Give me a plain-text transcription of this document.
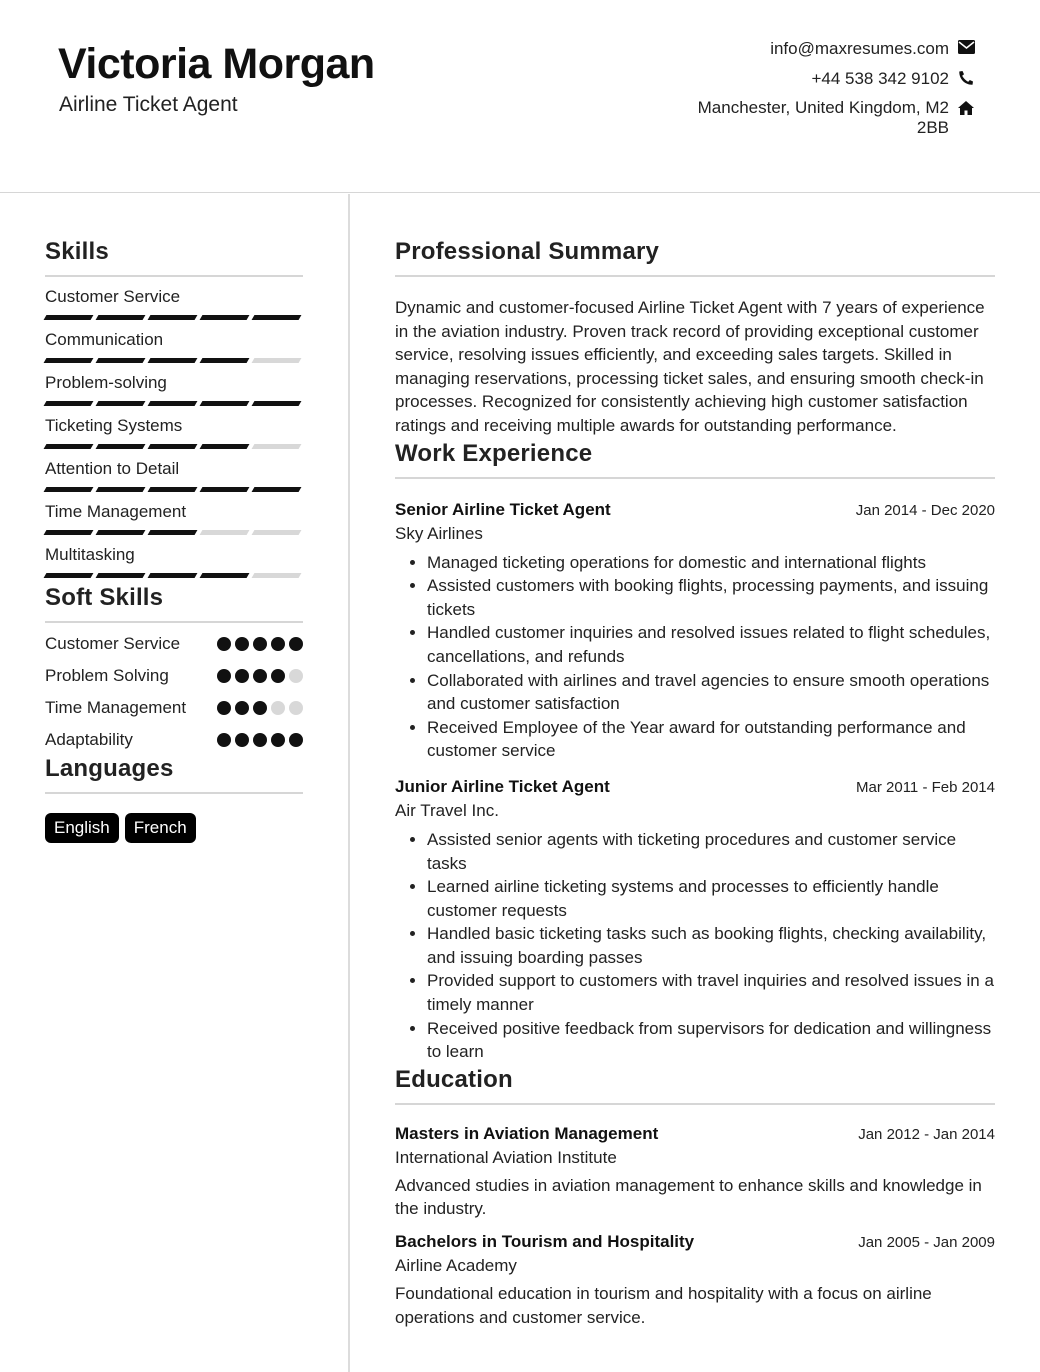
Victoria Morgan
Airline Ticket Agent
info@maxresumes.com
+44 538 342 9102
Manchester, United Kingdom, M2 2BB
Skills
Customer Service
Communication
Problem-solving
Ticketing Systems
Attention to Detail
Time Management
Multitasking
Soft Skills
Customer Service
Problem Solving
Time Management
Adaptability
Languages
English	French
Professional Summary
Dynamic and customer-focused Airline Ticket Agent with 7 years of experience in the aviation industry. Proven track record of providing exceptional customer service, resolving issues efficiently, and exceeding sales targets. Skilled in managing reservations, processing ticket sales, and ensuring smooth check-in processes. Recognized for consistently achieving high customer satisfaction ratings and receiving multiple awards for outstanding performance.
Work Experience
Senior Airline Ticket Agent	Jan 2014 - Dec 2020
Sky Airlines
• Managed ticketing operations for domestic and international flights
• Assisted customers with booking flights, processing payments, and issuing tickets
• Handled customer inquiries and resolved issues related to flight schedules, cancellations, and refunds
• Collaborated with airlines and travel agencies to ensure smooth operations and customer satisfaction
• Received Employee of the Year award for outstanding performance and customer service
Junior Airline Ticket Agent	Mar 2011 - Feb 2014
Air Travel Inc.
• Assisted senior agents with ticketing procedures and customer service tasks
• Learned airline ticketing systems and processes to efficiently handle customer requests
• Handled basic ticketing tasks such as booking flights, checking availability, and issuing boarding passes
• Provided support to customers with travel inquiries and resolved issues in a timely manner
• Received positive feedback from supervisors for dedication and willingness to learn
Education
Masters in Aviation Management	Jan 2012 - Jan 2014
International Aviation Institute
Advanced studies in aviation management to enhance skills and knowledge in the industry.
Bachelors in Tourism and Hospitality	Jan 2005 - Jan 2009
Airline Academy
Foundational education in tourism and hospitality with a focus on airline operations and customer service.
